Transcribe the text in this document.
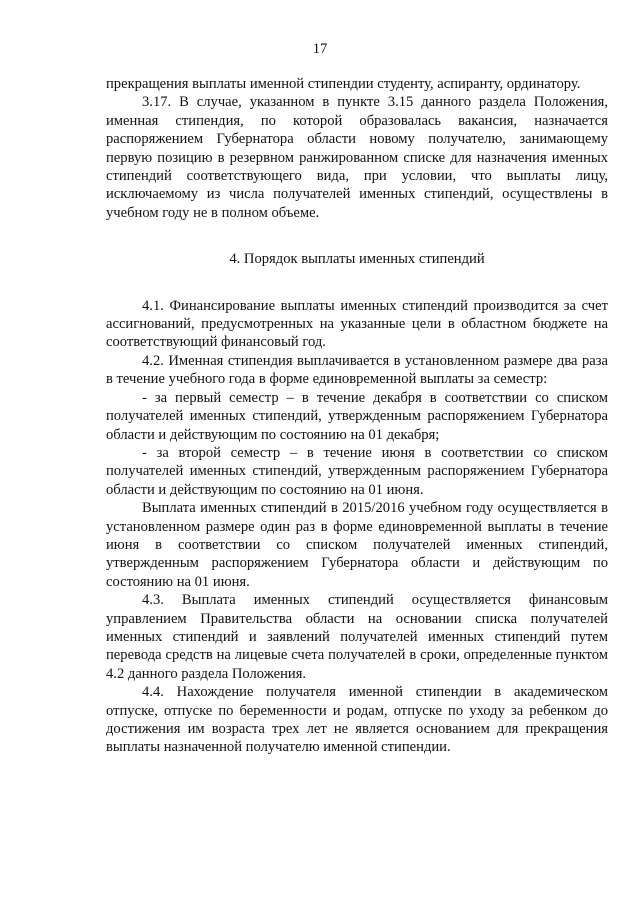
17

прекращения выплаты именной стипендии студенту, аспиранту, ординатору.

3.17. В случае, указанном в пункте 3.15 данного раздела Положения, именная стипендия, по которой образовалась вакансия, назначается распоряжением Губернатора области новому получателю, занимающему первую позицию в резервном ранжированном списке для назначения именных стипендий соответствующего вида, при условии, что выплаты лицу, исключаемому из числа получателей именных стипендий, осуществлены в учебном году не в полном объеме.

4. Порядок выплаты именных стипендий

4.1. Финансирование выплаты именных стипендий производится за счет ассигнований, предусмотренных на указанные цели в областном бюджете на соответствующий финансовый год.

4.2. Именная стипендия выплачивается в установленном размере два раза в течение учебного года в форме единовременной выплаты за семестр:

- за первый семестр – в течение декабря в соответствии со списком получателей именных стипендий, утвержденным распоряжением Губернатора области и действующим по состоянию на 01 декабря;

- за второй семестр – в течение июня в соответствии со списком получателей именных стипендий, утвержденным распоряжением Губернатора области и действующим по состоянию на 01 июня.

Выплата именных стипендий в 2015/2016 учебном году осуществляется в установленном размере один раз в форме единовременной выплаты в течение июня в соответствии со списком получателей именных стипендий, утвержденным распоряжением Губернатора области и действующим по состоянию на 01 июня.

4.3. Выплата именных стипендий осуществляется финансовым управлением Правительства области на основании списка получателей именных стипендий и заявлений получателей именных стипендий путем перевода средств на лицевые счета получателей в сроки, определенные пунктом 4.2 данного раздела Положения.

4.4. Нахождение получателя именной стипендии в академическом отпуске, отпуске по беременности и родам, отпуске по уходу за ребенком до достижения им возраста трех лет не является основанием для прекращения выплаты назначенной получателю именной стипендии.
